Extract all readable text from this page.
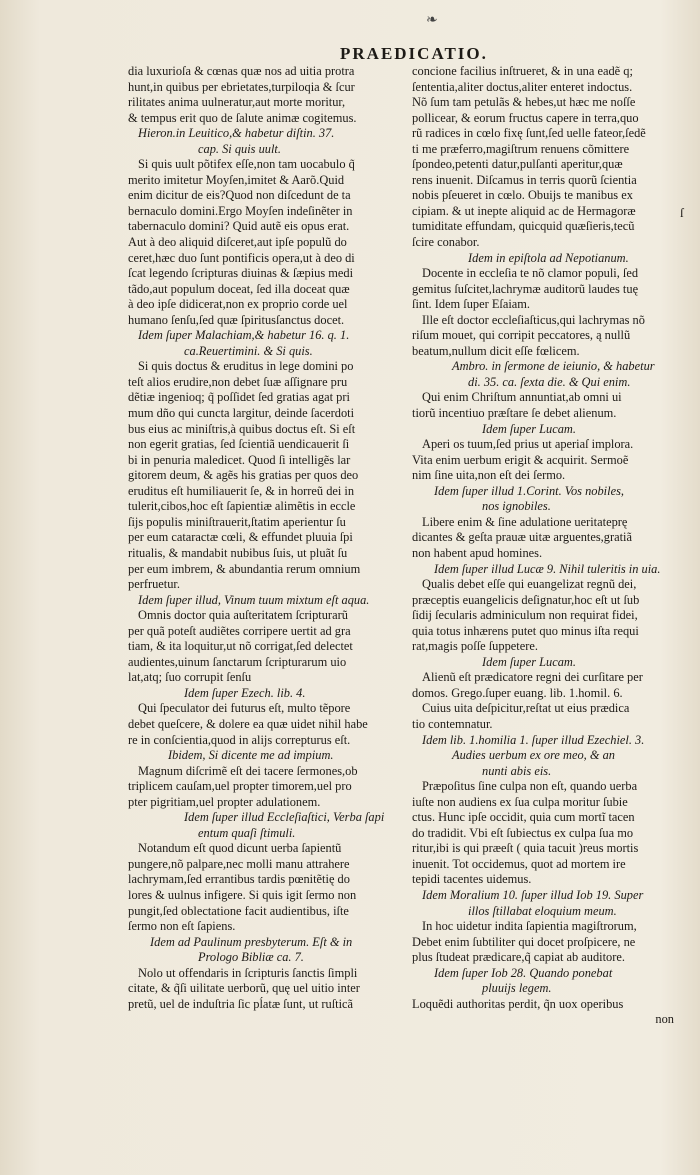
❧
PRAEDICATIO.
dia luxurioſa & cœnas quæ nos ad uitia protra
hunt,in quibus per ebrietates,turpiloqia & ſcur
rilitates anima uulneratur,aut morte moritur,
& tempus erit quo de ſalute animæ cogitemus.
Hieron.in Leuitico,& habetur diſtin. 37.
cap. Si quis uult.
Si quis uult põtifex eſſe,non tam uocabulo q̃
merito imitetur Moyſen,imitet & Aarõ.Quid
enim dicitur de eis?Quod non diſcedunt de ta
bernaculo domini.Ergo Moyſen indeſinẽter in
tabernaculo domini? Quid autẽ eis opus erat.
Aut à deo aliquid diſceret,aut ipſe populũ do
ceret,hæc duo ſunt pontificis opera,ut à deo di
ſcat legendo ſcripturas diuinas & ſæpius medi
tãdo,aut populum doceat, ſed illa doceat quæ
à deo ipſe didicerat,non ex proprio corde uel
humano ſenſu,ſed quæ ſpiritusſanctus docet.
Idem ſuper Malachiam,& habetur 16. q. 1.
ca.Reuertimini. & Si quis.
Si quis doctus & eruditus in lege domini po
teſt alios erudire,non debet ſuæ aſſignare pru
dẽtiæ ingenioq; q̃ poſſidet ſed gratias agat pri
mum dño qui cuncta largitur, deinde ſacerdoti
bus eius ac miniſtris,à quibus doctus eſt. Si eſt
non egerit gratias, ſed ſcientiã uendicauerit ſi
bi in penuria maledicet. Quod ſi intelligẽs lar
gitorem deum, & agẽs his gratias per quos deo
eruditus eſt humiliauerit ſe, & in horreũ dei in
tulerit,cibos,hoc eſt ſapientiæ alimẽtis in eccle
ſijs populis miniſtrauerit,ſtatim aperientur ſu
per eum cataractæ cœli, & effundet pluuia ſpi
ritualis, & mandabit nubibus ſuis, ut pluãt ſu
per eum imbrem, & abundantia rerum omnium
perfruetur.
Idem ſuper illud, Vinum tuum mixtum eſt aqua.
Omnis doctor quia auſteritatem ſcripturarũ
per quã poteſt audiẽtes corripere uertit ad gra
tiam, & ita loquitur,ut nõ corrigat,ſed delectet
audientes,uinum ſanctarum ſcripturarum uio
lat,atq; ſuo corrupit ſenſu
Idem ſuper Ezech. lib. 4.
Qui ſpeculator dei futurus eſt, multo tẽpore
debet queſcere, & dolere ea quæ uidet nihil habe
re in conſcientia,quod in alijs correpturus eſt.
Ibidem, Si dicente me ad impium.
Magnum diſcrimẽ eſt dei tacere ſermones,ob
triplicem cauſam,uel propter timorem,uel pro
pter pigritiam,uel propter adulationem.
Idem ſuper illud Eccleſiaſtici, Verba ſapi
entum quaſi ſtimuli.
Notandum eſt quod dicunt uerba ſapientũ
pungere,nõ palpare,nec molli manu attrahere
lachrymam,ſed errantibus tardis pœnitẽtię do
lores & uulnus infigere. Si quis igit ſermo non
pungit,ſed oblectatione facit audientibus, iſte
ſermo non eſt ſapiens.
Idem ad Paulinum presbyterum. Eſt & in
Prologo Bibliæ ca. 7.
Nolo ut offendaris in ſcripturis ſanctis ſimpli
citate, & q̃ſi uilitate uerborũ, quę uel uitio inter
pretũ, uel de induſtria ſic pĺatæ ſunt, ut ruſticã
concione facilius inſtrueret, & in una eadẽ q;
ſententia,aliter doctus,aliter enteret indoctus.
Nõ ſum tam petulãs & hebes,ut hæc me noſſe
pollicear, & eorum fructus capere in terra,quo
rũ radices in cœlo fixę ſunt,ſed uelle fateor,ſedẽ
ti me præferro,magiſtrum renuens cõmittere
ſpondeo,petenti datur,pulſanti aperitur,quæ
rens inuenit. Diſcamus in terris quorũ ſcientia
nobis pſeueret in cœlo. Obuijs te manibus ex
cipiam. & ut inepte aliquid ac de Hermagoræ
tumiditate effundam, quicquid quæſieris,tecũ
ſcire conabor.
Idem in epiſtola ad Nepotianum.
Docente in eccleſia te nõ clamor populi, ſed
gemitus ſuſcitet,lachrymæ auditorũ laudes tuę
ſint. Idem ſuper Eſaiam.
Ille eſt doctor eccleſiaſticus,qui lachrymas nõ
riſum mouet, qui corripit peccatores, ą nullũ
beatum,nullum dicit eſſe fœlicem.
Ambro. in ſermone de ieiunio, & habetur
di. 35. ca. ſexta die. & Qui enim.
Qui enim Chriſtum annuntiat,ab omni ui
tiorũ incentiuo præſtare ſe debet alienum.
Idem ſuper Lucam.
Aperi os tuum,ſed prius ut aperiaſ implora.
Vita enim uerbum erigit & acquirit. Sermoẽ
nim ſine uita,non eſt dei ſermo.
Idem ſuper illud 1.Corint. Vos nobiles,
nos ignobiles.
Libere enim & ſine adulatione ueritateprę
dicantes & geſta prauæ uitæ arguentes,gratiã
non habent apud homines.
Idem ſuper illud Lucæ 9. Nihil tuleritis in uia.
Qualis debet eſſe qui euangelizat regnũ dei,
præceptis euangelicis deſignatur,hoc eſt ut ſub
ſidij ſecularis adminiculum non requirat fidei,
quia totus inhærens putet quo minus iſta requi
rat,magis poſſe ſuppetere.
Idem ſuper Lucam.
Alienũ eſt prædicatore regni dei curſitare per
domos. Grego.ſuper euang. lib. 1.homil. 6.
Cuius uita deſpicitur,reſtat ut eius prædica
tio contemnatur.
Idem lib. 1.homilia 1. ſuper illud Ezechiel. 3.
Audies uerbum ex ore meo, & an
nunti abis eis.
Præpoſitus ſine culpa non eſt, quando uerba
iuſte non audiens ex ſua culpa moritur ſubie
ctus. Hunc ipſe occidit, quia cum mortĩ tacen
do tradidit. Vbi eſt ſubiectus ex culpa ſua mo
ritur,ibi is qui præeſt ( quia tacuit )reus mortis
inuenit. Tot occidemus, quot ad mortem ire
tepidi tacentes uidemus.
Idem Moralium 10. ſuper illud Iob 19. Super
illos ſtillabat eloquium meum.
In hoc uidetur indita ſapientia magiſtrorum,
Debet enim ſubtiliter qui docet proſpicere, ne
plus ſtudeat prædicare,q̃ capiat ab auditore.
Idem ſuper Iob 28. Quando ponebat
pluuijs legem.
Loquẽdi authoritas perdit, q̃n uox operibus
non
ſ
